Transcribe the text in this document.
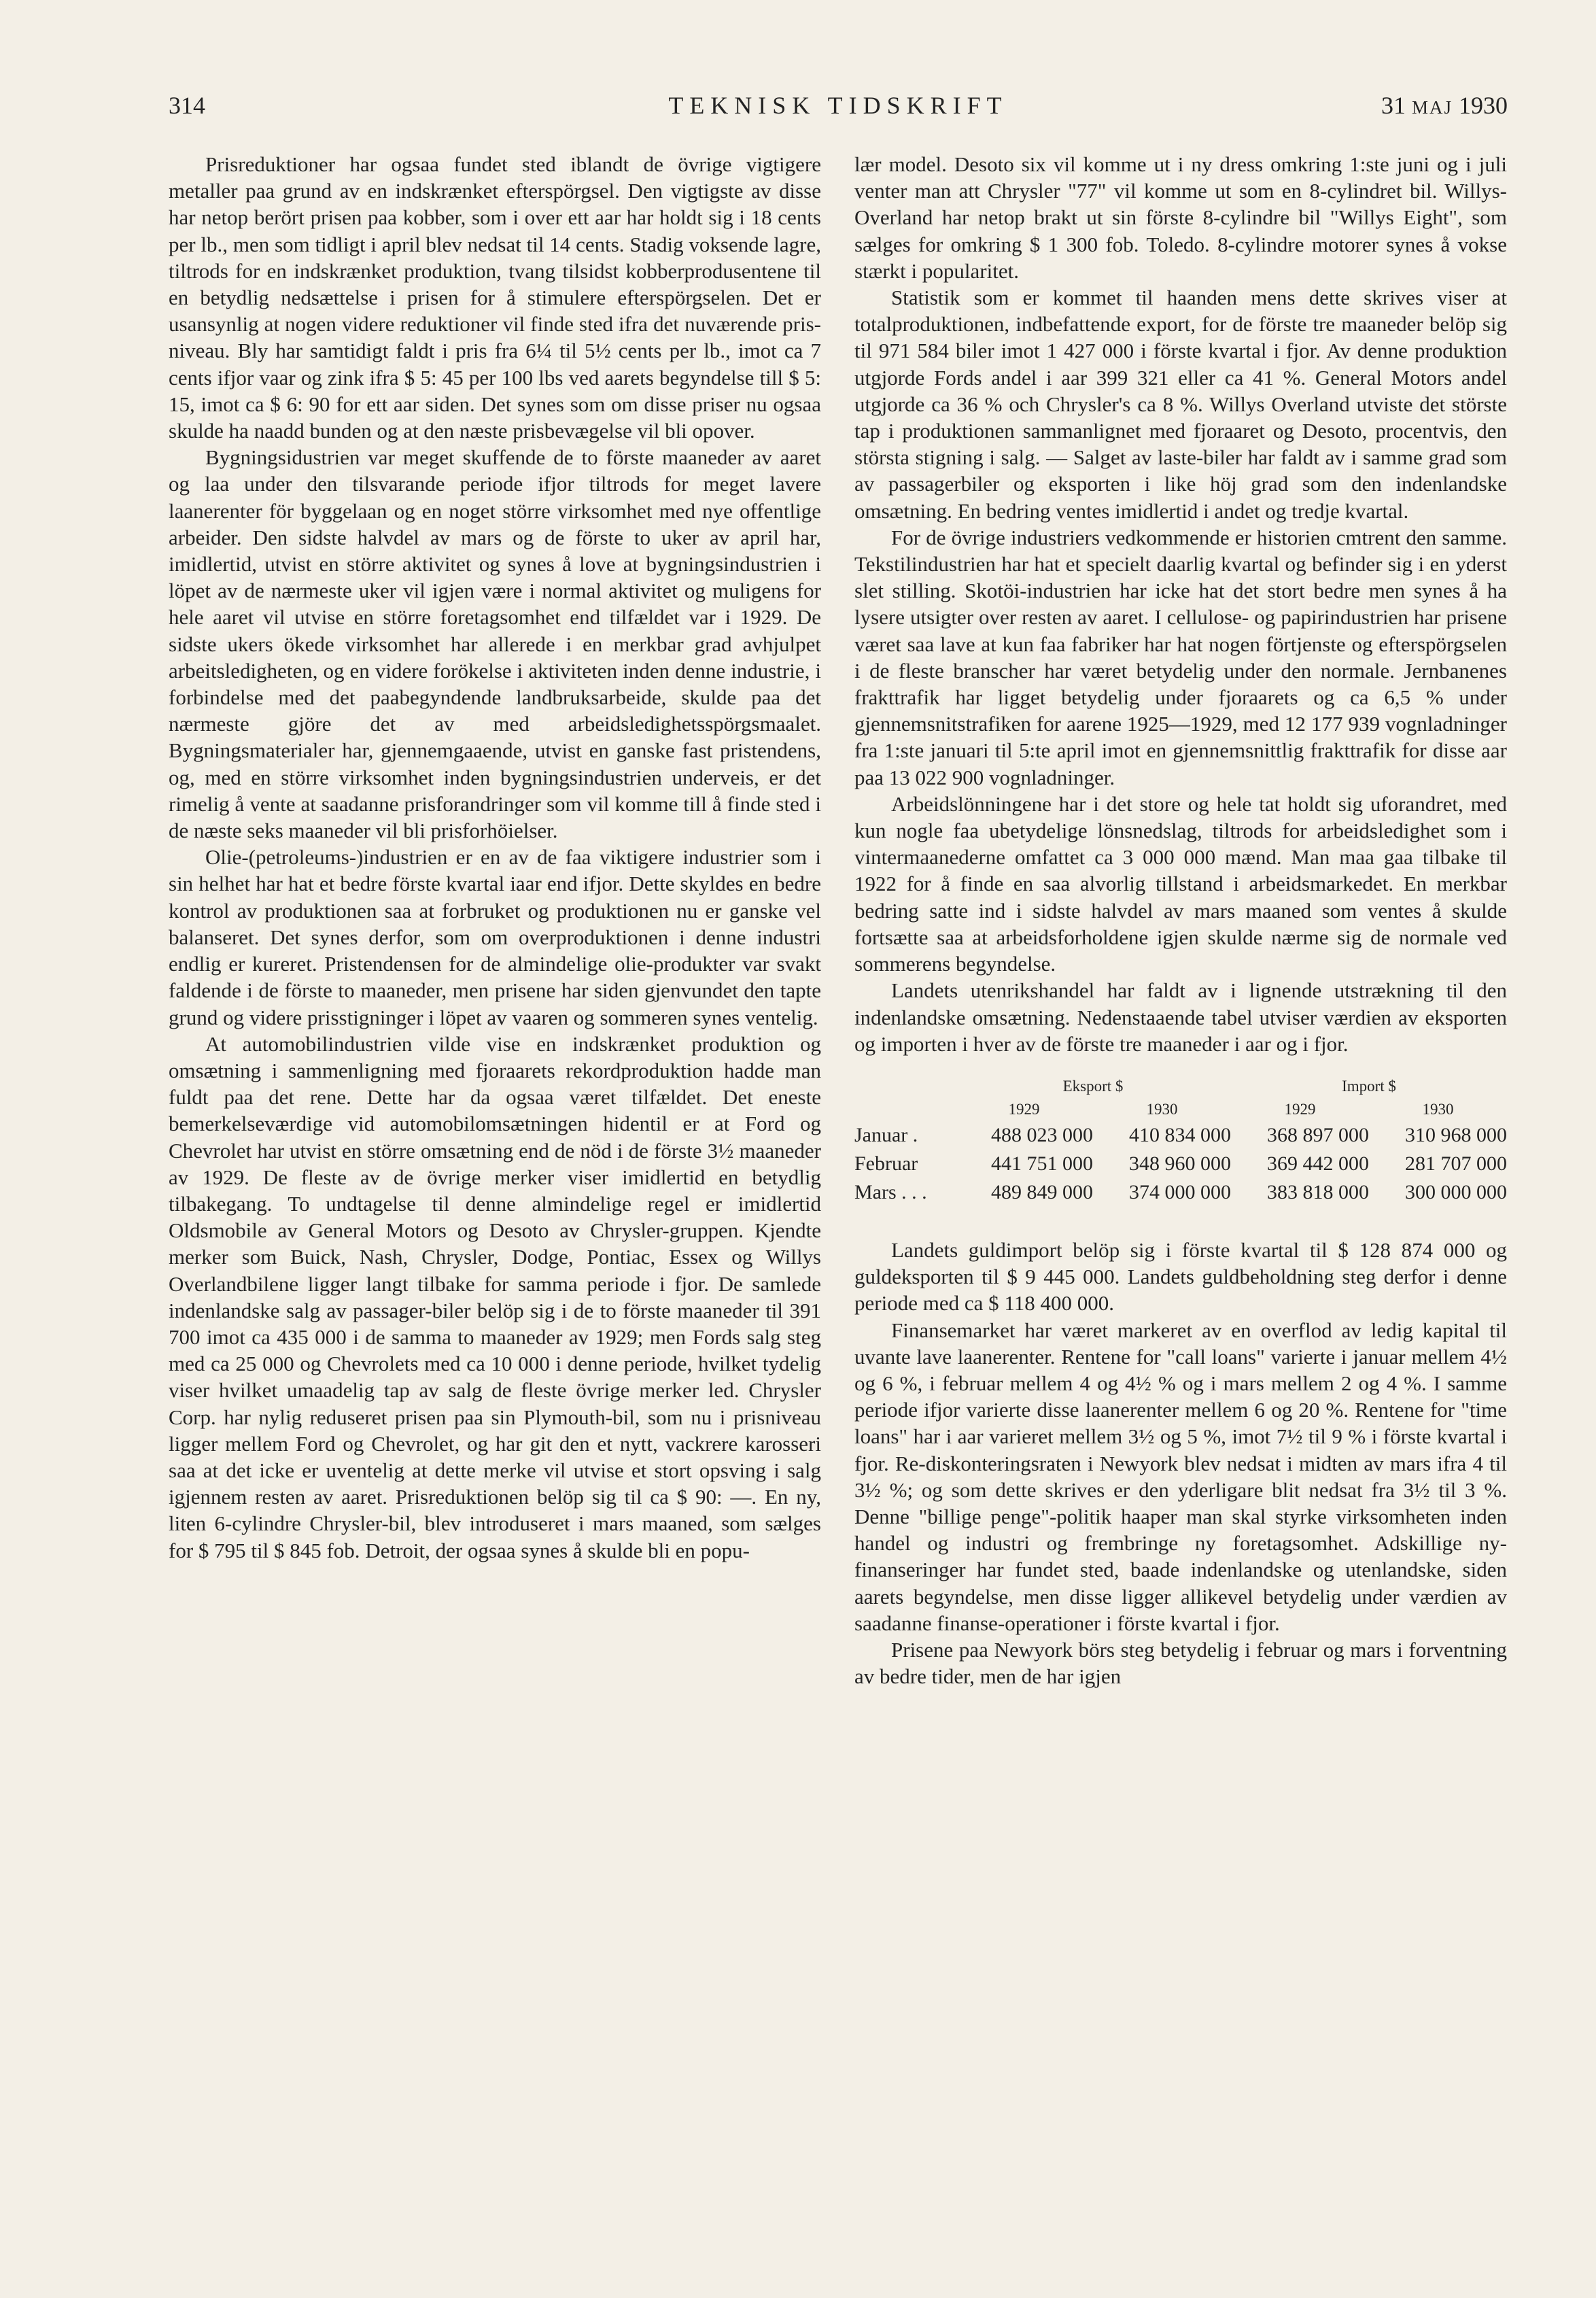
314	TEKNISK TIDSKRIFT	31 MAJ 1930

Prisreduktioner har ogsaa fundet sted iblandt de övrige vigtigere metaller paa grund av en indskrænket efterspörgsel. Den vigtigste av disse har netop berört prisen paa kobber, som i over ett aar har holdt sig i 18 cents per lb., men som tidligt i april blev nedsat til 14 cents. Stadig voksende lagre, tiltrods for en indskrænket produktion, tvang tilsidst kobberprodusentene til en betydlig nedsættelse i prisen for å stimulere efterspörgselen. Det er usansynlig at nogen videre reduktioner vil finde sted ifra det nuværende pris-niveau. Bly har samtidigt faldt i pris fra 6¼ til 5½ cents per lb., imot ca 7 cents ifjor vaar og zink ifra $ 5: 45 per 100 lbs ved aarets begyndelse till $ 5: 15, imot ca $ 6: 90 for ett aar siden. Det synes som om disse priser nu ogsaa skulde ha naadd bunden og at den næste prisbevægelse vil bli opover.

Bygningsidustrien var meget skuffende de to förste maaneder av aaret og laa under den tilsvarande periode ifjor tiltrods for meget lavere laanerenter för byggelaan og en noget större virksomhet med nye offentlige arbeider. Den sidste halvdel av mars og de förste to uker av april har, imidlertid, utvist en större aktivitet og synes å love at bygningsindustrien i löpet av de nærmeste uker vil igjen være i normal aktivitet og muligens for hele aaret vil utvise en större foretagsomhet end tilfældet var i 1929. De sidste ukers ökede virksomhet har allerede i en merkbar grad avhjulpet arbeitsledigheten, og en videre forökelse i aktiviteten inden denne industrie, i forbindelse med det paabegyndende landbruksarbeide, skulde paa det nærmeste gjöre det av med arbeidsledighetsspörgsmaalet. Bygningsmaterialer har, gjennemgaaende, utvist en ganske fast pristendens, og, med en större virksomhet inden bygningsindustrien underveis, er det rimelig å vente at saadanne prisforandringer som vil komme till å finde sted i de næste seks maaneder vil bli prisforhöielser.

Olie-(petroleums-)industrien er en av de faa viktigere industrier som i sin helhet har hat et bedre förste kvartal iaar end ifjor. Dette skyldes en bedre kontrol av produktionen saa at forbruket og produktionen nu er ganske vel balanseret. Det synes derfor, som om overproduktionen i denne industri endlig er kureret. Pristendensen for de almindelige olie-produkter var svakt faldende i de förste to maaneder, men prisene har siden gjenvundet den tapte grund og videre prisstigninger i löpet av vaaren og sommeren synes ventelig.

At automobilindustrien vilde vise en indskrænket produktion og omsætning i sammenligning med fjoraarets rekordproduktion hadde man fuldt paa det rene. Dette har da ogsaa været tilfældet. Det eneste bemerkelseværdige vid automobilomsætningen hidentil er at Ford og Chevrolet har utvist en större omsætning end de nöd i de förste 3½ maaneder av 1929. De fleste av de övrige merker viser imidlertid en betydlig tilbakegang. To undtagelse til denne almindelige regel er imidlertid Oldsmobile av General Motors og Desoto av Chrysler-gruppen. Kjendte merker som Buick, Nash, Chrysler, Dodge, Pontiac, Essex og Willys Overlandbilene ligger langt tilbake for samma periode i fjor. De samlede indenlandske salg av passager-biler belöp sig i de to förste maaneder til 391 700 imot ca 435 000 i de samma to maaneder av 1929; men Fords salg steg med ca 25 000 og Chevrolets med ca 10 000 i denne periode, hvilket tydelig viser hvilket umaadelig tap av salg de fleste övrige merker led. Chrysler Corp. har nylig reduseret prisen paa sin Plymouth-bil, som nu i prisniveau ligger mellem Ford og Chevrolet, og har git den et nytt, vackrere karosseri saa at det icke er uventelig at dette merke vil utvise et stort opsving i salg igjennem resten av aaret. Prisreduktionen belöp sig til ca $ 90: —. En ny, liten 6-cylindre Chrysler-bil, blev introduseret i mars maaned, som sælges for $ 795 til $ 845 fob. Detroit, der ogsaa synes å skulde bli en popu-

lær model. Desoto six vil komme ut i ny dress omkring 1:ste juni og i juli venter man att Chrysler "77" vil komme ut som en 8-cylindret bil. Willys-Overland har netop brakt ut sin förste 8-cylindre bil "Willys Eight", som sælges for omkring $ 1 300 fob. Toledo. 8-cylindre motorer synes å vokse stærkt i popularitet.

Statistik som er kommet til haanden mens dette skrives viser at totalproduktionen, indbefattende export, for de förste tre maaneder belöp sig til 971 584 biler imot 1 427 000 i förste kvartal i fjor. Av denne produktion utgjorde Fords andel i aar 399 321 eller ca 41 %. General Motors andel utgjorde ca 36 % och Chrysler's ca 8 %. Willys Overland utviste det störste tap i produktionen sammanlignet med fjoraaret og Desoto, procentvis, den största stigning i salg. — Salget av laste-biler har faldt av i samme grad som av passagerbiler og eksporten i like höj grad som den indenlandske omsætning. En bedring ventes imidlertid i andet og tredje kvartal.

For de övrige industriers vedkommende er historien cmtrent den samme. Tekstilindustrien har hat et specielt daarlig kvartal og befinder sig i en yderst slet stilling. Skotöi-industrien har icke hat det stort bedre men synes å ha lysere utsigter over resten av aaret. I cellulose- og papirindustrien har prisene været saa lave at kun faa fabriker har hat nogen förtjenste og efterspörgselen i de fleste branscher har været betydelig under den normale. Jernbanenes frakttrafik har ligget betydelig under fjoraarets og ca 6,5 % under gjennemsnitstrafiken for aarene 1925—1929, med 12 177 939 vognladninger fra 1:ste januari til 5:te april imot en gjennemsnittlig frakttrafik for disse aar paa 13 022 900 vognladninger.

Arbeidslönningene har i det store og hele tat holdt sig uforandret, med kun nogle faa ubetydelige lönsnedslag, tiltrods for arbeidsledighet som i vintermaanederne omfattet ca 3 000 000 mænd. Man maa gaa tilbake til 1922 for å finde en saa alvorlig tillstand i arbeidsmarkedet. En merkbar bedring satte ind i sidste halvdel av mars maaned som ventes å skulde fortsætte saa at arbeidsforholdene igjen skulde nærme sig de normale ved sommerens begyndelse.

Landets utenrikshandel har faldt av i lignende utstrækning til den indenlandske omsætning. Nedenstaaende tabel utviser værdien av eksporten og importen i hver av de förste tre maaneder i aar og i fjor.

	Eksport $		Import $	
	1929	1930	1929	1930
Januar .	488 023 000	410 834 000	368 897 000	310 968 000
Februar	441 751 000	348 960 000	369 442 000	281 707 000
Mars . . .	489 849 000	374 000 000	383 818 000	300 000 000

Landets guldimport belöp sig i förste kvartal til $ 128 874 000 og guldeksporten til $ 9 445 000. Landets guldbeholdning steg derfor i denne periode med ca $ 118 400 000.

Finansemarket har været markeret av en overflod av ledig kapital til uvante lave laanerenter. Rentene for "call loans" varierte i januar mellem 4½ og 6 %, i februar mellem 4 og 4½ % og i mars mellem 2 og 4 %. I samme periode ifjor varierte disse laanerenter mellem 6 og 20 %. Rentene for "time loans" har i aar varieret mellem 3½ og 5 %, imot 7½ til 9 % i förste kvartal i fjor. Re-diskonteringsraten i Newyork blev nedsat i midten av mars ifra 4 til 3½ %; og som dette skrives er den yderligare blit nedsat fra 3½ til 3 %. Denne "billige penge"-politik haaper man skal styrke virksomheten inden handel og industri og frembringe ny foretagsomhet. Adskillige ny-finanseringer har fundet sted, baade indenlandske og utenlandske, siden aarets begyndelse, men disse ligger allikevel betydelig under værdien av saadanne finanse-operationer i förste kvartal i fjor.

Prisene paa Newyork börs steg betydelig i februar og mars i forventning av bedre tider, men de har igjen
